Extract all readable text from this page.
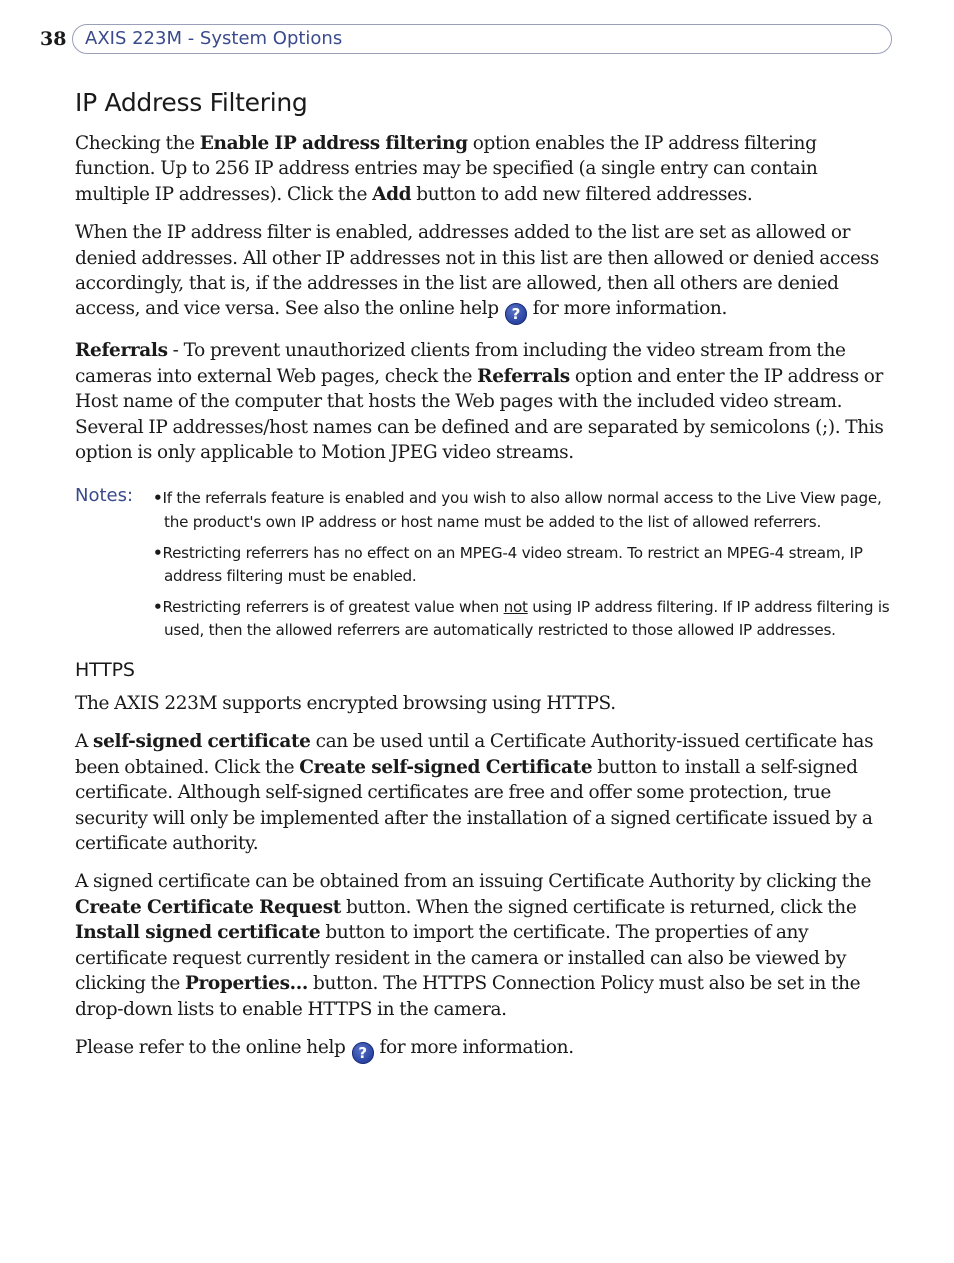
38 AXIS 223M - System Options
IP Address Filtering

Checking the Enable IP address filtering option enables the IP address filtering function. Up to 256 IP address entries may be specified (a single entry can contain multiple IP addresses). Click the Add button to add new filtered addresses.

When the IP address filter is enabled, addresses added to the list are set as allowed or denied addresses. All other IP addresses not in this list are then allowed or denied access accordingly, that is, if the addresses in the list are allowed, then all others are denied access, and vice versa. See also the online help ? for more information.

Referrals - To prevent unauthorized clients from including the video stream from the cameras into external Web pages, check the Referrals option and enter the IP address or Host name of the computer that hosts the Web pages with the included video stream. Several IP addresses/host names can be defined and are separated by semicolons (;). This option is only applicable to Motion JPEG video streams.

Notes: •If the referrals feature is enabled and you wish to also allow normal access to the Live View page, the product's own IP address or host name must be added to the list of allowed referrers.
•Restricting referrers has no effect on an MPEG-4 video stream. To restrict an MPEG-4 stream, IP address filtering must be enabled.
•Restricting referrers is of greatest value when not using IP address filtering. If IP address filtering is used, then the allowed referrers are automatically restricted to those allowed IP addresses.
HTTPS

The AXIS 223M supports encrypted browsing using HTTPS.

A self-signed certificate can be used until a Certificate Authority-issued certificate has been obtained. Click the Create self-signed Certificate button to install a self-signed certificate. Although self-signed certificates are free and offer some protection, true security will only be implemented after the installation of a signed certificate issued by a certificate authority.

A signed certificate can be obtained from an issuing Certificate Authority by clicking the Create Certificate Request button. When the signed certificate is returned, click the Install signed certificate button to import the certificate. The properties of any certificate request currently resident in the camera or installed can also be viewed by clicking the Properties... button. The HTTPS Connection Policy must also be set in the drop-down lists to enable HTTPS in the camera.

Please refer to the online help ? for more information.
